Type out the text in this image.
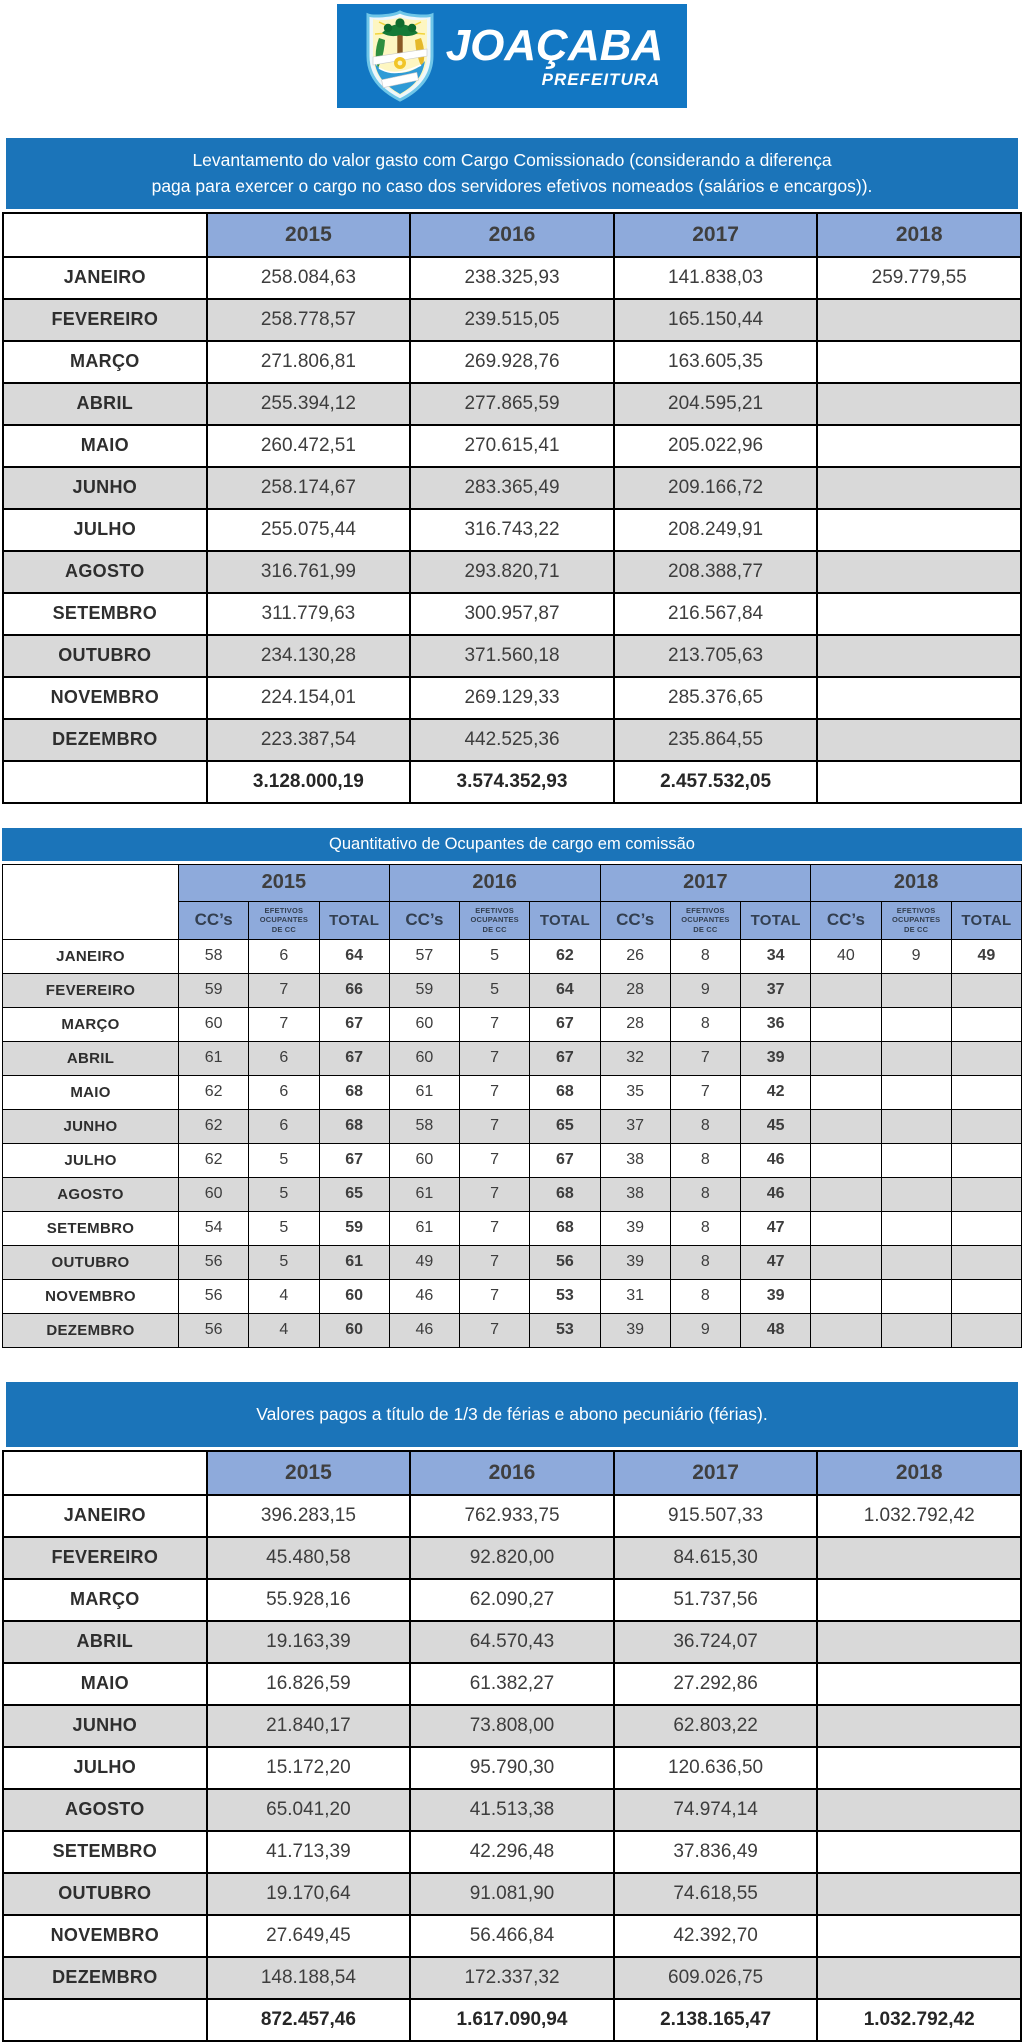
JOAÇABA
PREFEITURA
Levantamento do valor gasto com Cargo Comissionado (considerando a diferença
paga para exercer o cargo no caso dos servidores efetivos nomeados (salários e encargos)).
	2015	2016	2017	2018
JANEIRO	258.084,63	238.325,93	141.838,03	259.779,55
FEVEREIRO	258.778,57	239.515,05	165.150,44	
MARÇO	271.806,81	269.928,76	163.605,35	
ABRIL	255.394,12	277.865,59	204.595,21	
MAIO	260.472,51	270.615,41	205.022,96	
JUNHO	258.174,67	283.365,49	209.166,72	
JULHO	255.075,44	316.743,22	208.249,91	
AGOSTO	316.761,99	293.820,71	208.388,77	
SETEMBRO	311.779,63	300.957,87	216.567,84	
OUTUBRO	234.130,28	371.560,18	213.705,63	
NOVEMBRO	224.154,01	269.129,33	285.376,65	
DEZEMBRO	223.387,54	442.525,36	235.864,55	
	3.128.000,19	3.574.352,93	2.457.532,05	
Quantitativo de Ocupantes de cargo em comissão
	2015			2016			2017			2018		
	CC’s	EFETIVOS OCUPANTES DE CC	TOTAL	CC’s	EFETIVOS OCUPANTES DE CC	TOTAL	CC’s	EFETIVOS OCUPANTES DE CC	TOTAL	CC’s	EFETIVOS OCUPANTES DE CC	TOTAL
JANEIRO	58	6	64	57	5	62	26	8	34	40	9	49
FEVEREIRO	59	7	66	59	5	64	28	9	37			
MARÇO	60	7	67	60	7	67	28	8	36			
ABRIL	61	6	67	60	7	67	32	7	39			
MAIO	62	6	68	61	7	68	35	7	42			
JUNHO	62	6	68	58	7	65	37	8	45			
JULHO	62	5	67	60	7	67	38	8	46			
AGOSTO	60	5	65	61	7	68	38	8	46			
SETEMBRO	54	5	59	61	7	68	39	8	47			
OUTUBRO	56	5	61	49	7	56	39	8	47			
NOVEMBRO	56	4	60	46	7	53	31	8	39			
DEZEMBRO	56	4	60	46	7	53	39	9	48			
Valores pagos a título de 1/3 de férias e abono pecuniário (férias).
	2015	2016	2017	2018
JANEIRO	396.283,15	762.933,75	915.507,33	1.032.792,42
FEVEREIRO	45.480,58	92.820,00	84.615,30	
MARÇO	55.928,16	62.090,27	51.737,56	
ABRIL	19.163,39	64.570,43	36.724,07	
MAIO	16.826,59	61.382,27	27.292,86	
JUNHO	21.840,17	73.808,00	62.803,22	
JULHO	15.172,20	95.790,30	120.636,50	
AGOSTO	65.041,20	41.513,38	74.974,14	
SETEMBRO	41.713,39	42.296,48	37.836,49	
OUTUBRO	19.170,64	91.081,90	74.618,55	
NOVEMBRO	27.649,45	56.466,84	42.392,70	
DEZEMBRO	148.188,54	172.337,32	609.026,75	
	872.457,46	1.617.090,94	2.138.165,47	1.032.792,42
